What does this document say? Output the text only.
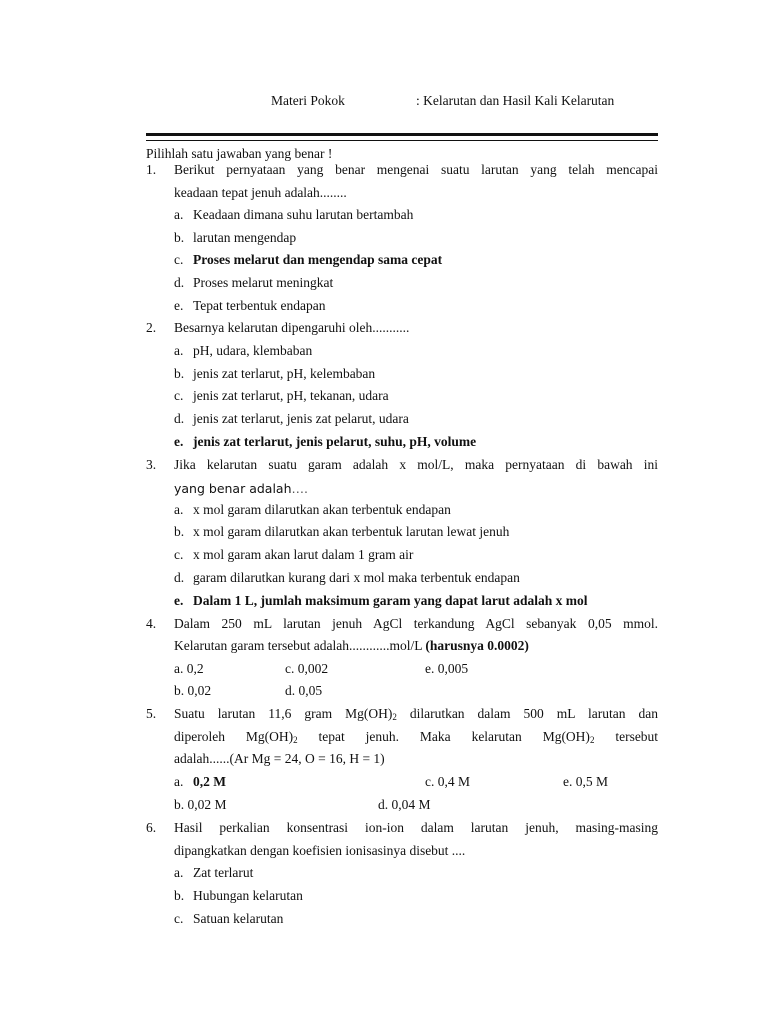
Materi Pokok	: Kelarutan dan Hasil Kali Kelarutan
Pilihlah satu jawaban yang benar !
1. Berikut pernyataan yang benar mengenai suatu larutan yang telah mencapai
keadaan tepat jenuh adalah........
a. Keadaan dimana suhu larutan bertambah
b. larutan mengendap
c. Proses melarut dan mengendap sama cepat
d. Proses melarut meningkat
e. Tepat terbentuk endapan
2. Besarnya kelarutan dipengaruhi oleh...........
a. pH, udara, klembaban
b. jenis zat terlarut, pH, kelembaban
c. jenis zat terlarut, pH, tekanan, udara
d. jenis zat terlarut, jenis zat pelarut, udara
e. jenis zat terlarut, jenis pelarut, suhu, pH, volume
3. Jika kelarutan suatu garam adalah x mol/L, maka pernyataan di bawah ini
yang benar adalah….
a. x mol garam dilarutkan akan terbentuk endapan
b. x mol garam dilarutkan akan terbentuk larutan lewat jenuh
c. x mol garam akan larut dalam 1 gram air
d. garam dilarutkan kurang dari x mol maka terbentuk endapan
e. Dalam 1 L, jumlah maksimum garam yang dapat larut adalah x mol
4. Dalam 250 mL larutan jenuh AgCl terkandung AgCl sebanyak 0,05 mmol.
Kelarutan garam tersebut adalah............mol/L (harusnya 0.0002)
a. 0,2	c. 0,002	e. 0,005
b. 0,02	d. 0,05
5. Suatu larutan 11,6 gram $Mg(OH)_2$ dilarutkan dalam 500 mL larutan dan
diperoleh $Mg(OH)_2$ tepat jenuh. Maka kelarutan $Mg(OH)_2$ tersebut
adalah......(Ar Mg = 24, O = 16, H = 1)
a. 0,2 M	c. 0,4 M	e. 0,5 M
b. 0,02 M	d. 0,04 M
6. Hasil perkalian konsentrasi ion-ion dalam larutan jenuh, masing-masing
dipangkatkan dengan koefisien ionisasinya disebut ....
a. Zat terlarut
b. Hubungan kelarutan
c. Satuan kelarutan
